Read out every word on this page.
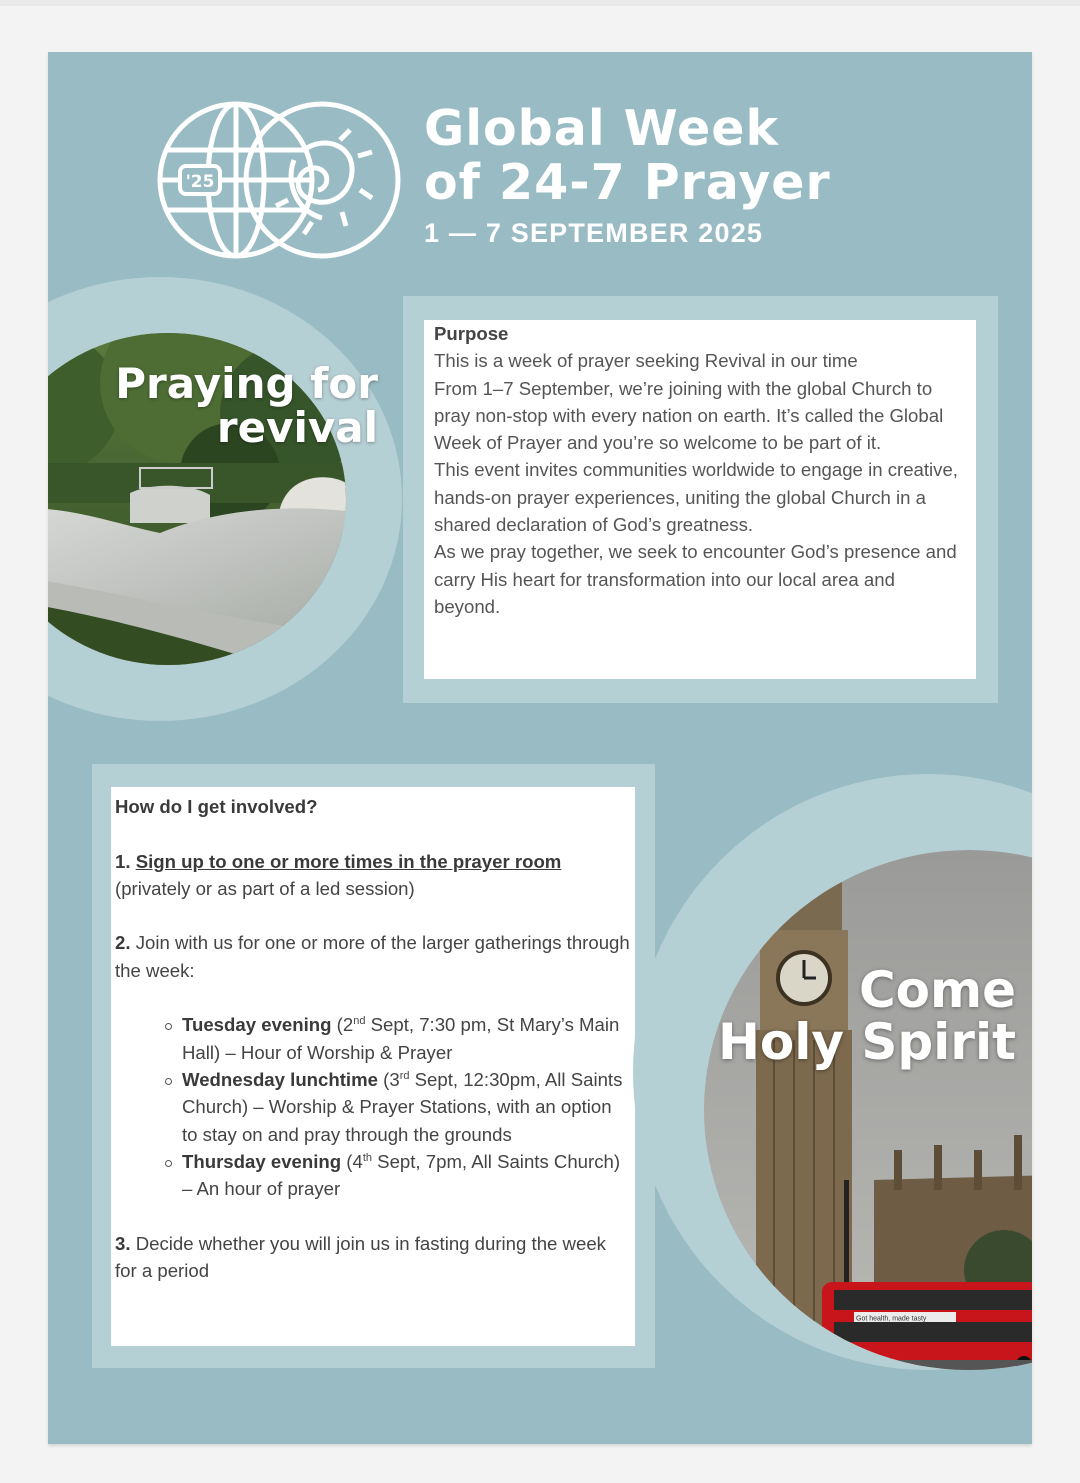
'25
Global Week
of 24-7 Prayer
1 — 7 SEPTEMBER 2025
Praying for
revival
Purpose
This is a week of prayer seeking Revival in our time
From 1–7 September, we’re joining with the global Church to pray non-stop with every nation on earth. It’s called the Global Week of Prayer and you’re so welcome to be part of it.
This event invites communities worldwide to engage in creative, hands-on prayer experiences, uniting the global Church in a shared declaration of God’s greatness.
As we pray together, we seek to encounter God’s presence and carry His heart for transformation into our local area and beyond.

How do I get involved?

1. Sign up to one or more times in the prayer room
(privately or as part of a led session)

2. Join with us for one or more of the larger gatherings through the week:

Tuesday evening (2nd Sept, 7:30 pm, St Mary’s Main Hall) – Hour of Worship & Prayer
Wednesday lunchtime (3rd Sept, 12:30pm, All Saints Church) – Worship & Prayer Stations, with an option to stay on and pray through the grounds
Thursday evening (4th Sept, 7pm, All Saints Church) – An hour of prayer

3. Decide whether you will join us in fasting during the week for a period

Got health, made tasty
Come
Holy Spirit
